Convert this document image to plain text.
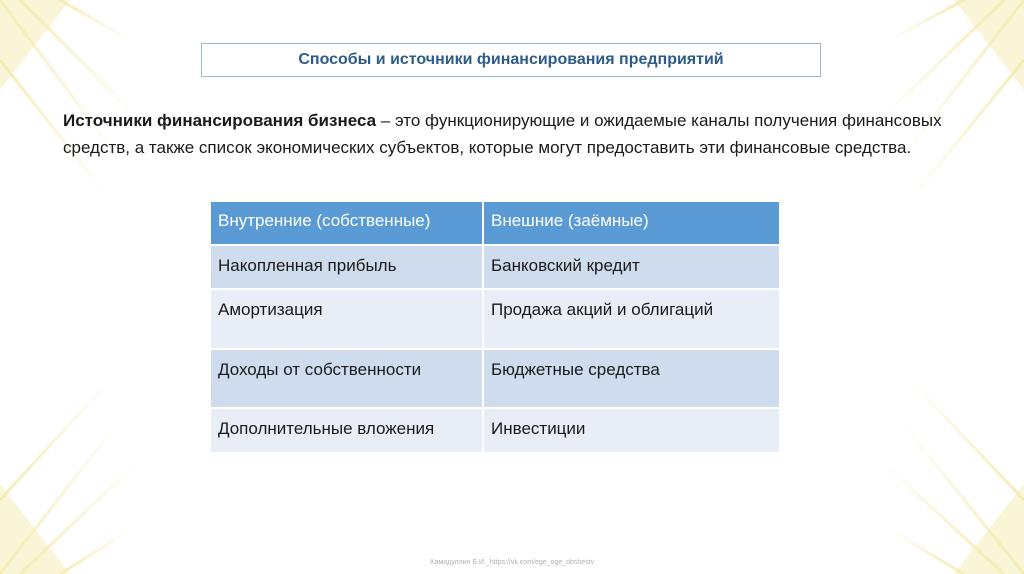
Способы и источники финансирования предприятий
Источники финансирования бизнеса – это функционирующие и ожидаемые каналы получения финансовых средств, а также список экономических субъектов, которые могут предоставить эти финансовые средства.
Внутренние (собственные)	Внешние (заёмные)
Накопленная прибыль	Банковский кредит
Амортизация	Продажа акций и облигаций
Доходы от собственности	Бюджетные средства
Дополнительные вложения	Инвестиции
Хамидуллин Б.И._https://vk.com/ege_oge_obshestv
